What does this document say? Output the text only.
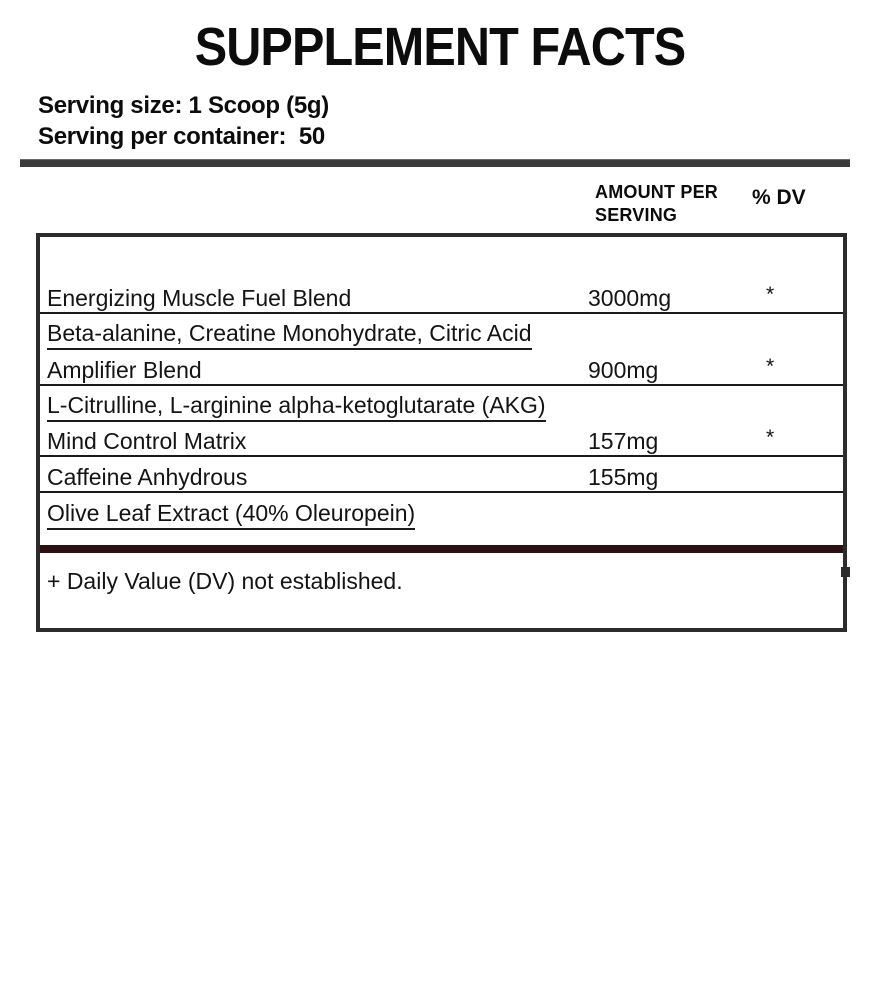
SUPPLEMENT FACTS
Serving size: 1 Scoop (5g)
Serving per container:  50
AMOUNT PER
SERVING
% DV
Energizing Muscle Fuel Blend	3000mg	*
Beta-alanine, Creatine Monohydrate, Citric Acid
Amplifier Blend	900mg	*
L-Citrulline, L-arginine alpha-ketoglutarate (AKG)
Mind Control Matrix	157mg	*
Caffeine Anhydrous	155mg
Olive Leaf Extract (40% Oleuropein)
+ Daily Value (DV) not established.
